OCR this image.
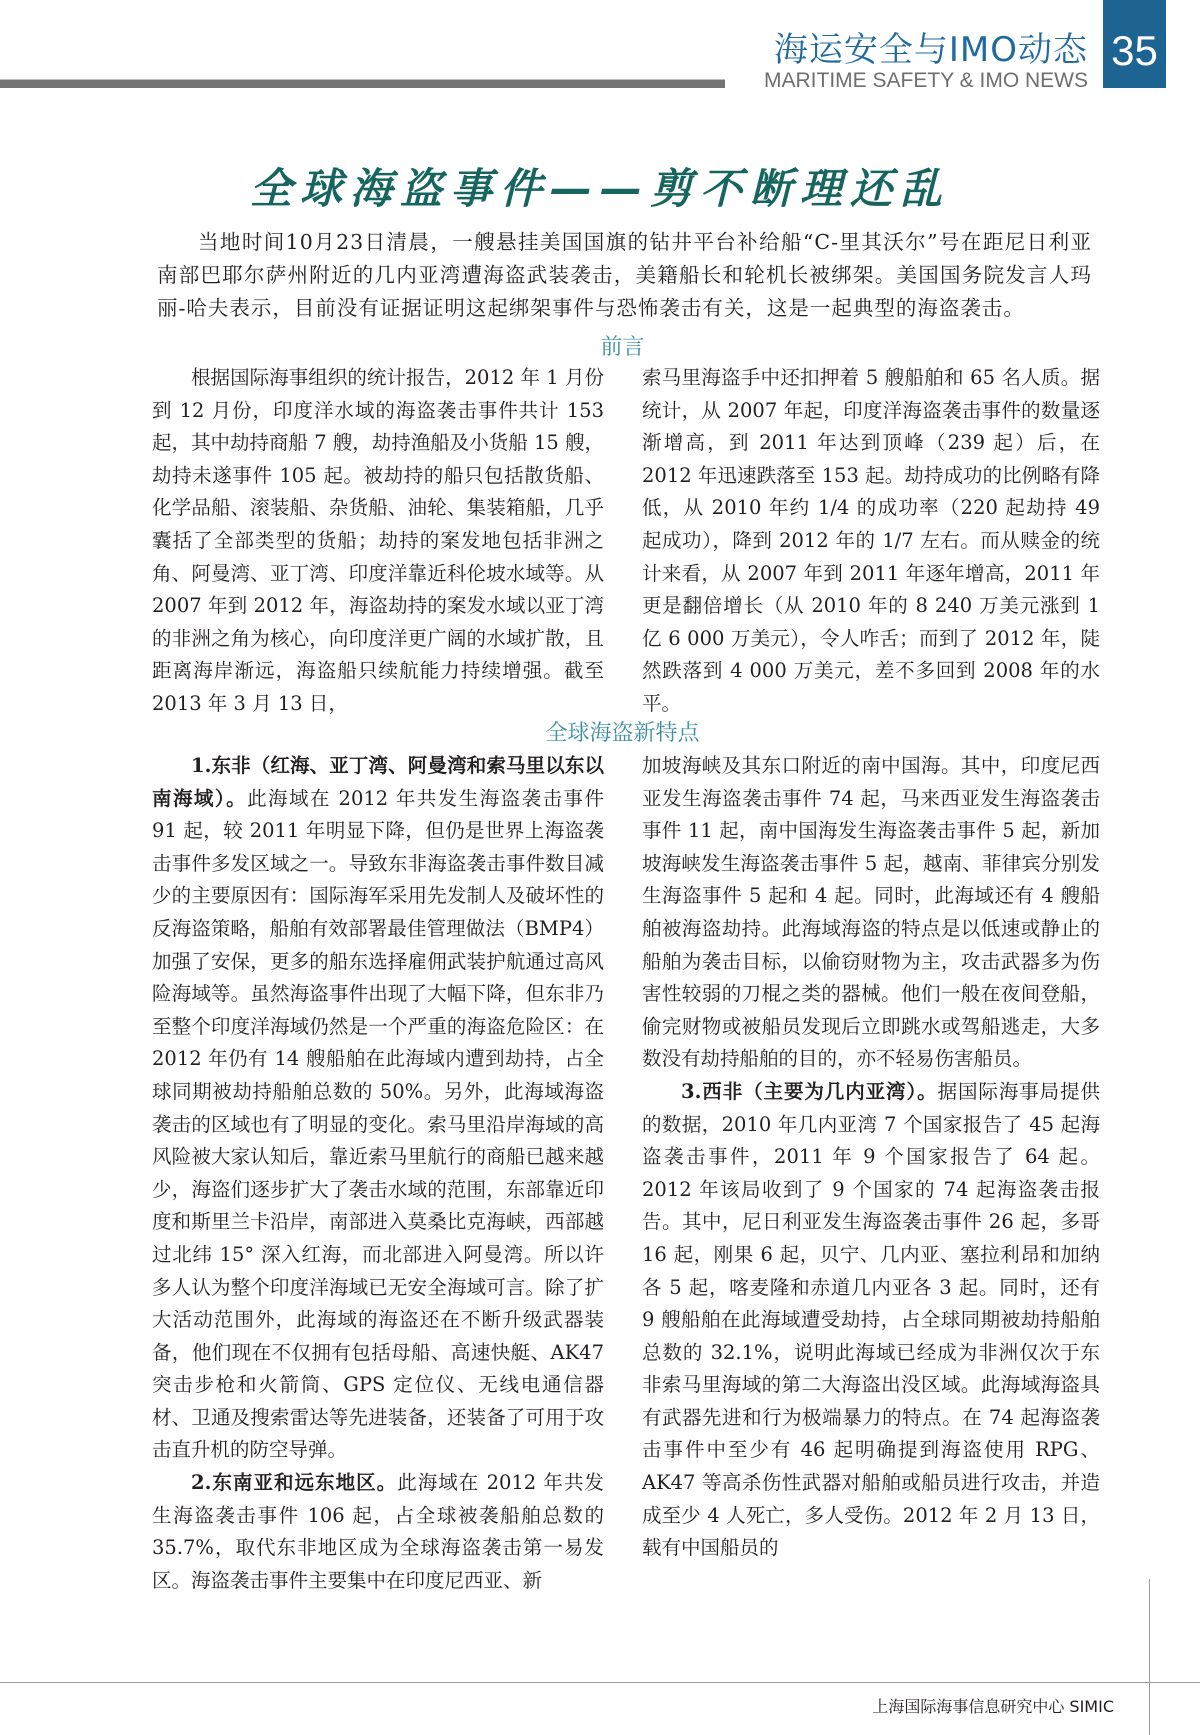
海运安全与IMO动态
MARITIME SAFETY & IMO NEWS
35
全球海盗事件——剪不断理还乱
当地时间10月23日清晨，一艘悬挂美国国旗的钻井平台补给船“C-里其沃尔”号在距尼日利亚南部巴耶尔萨州附近的几内亚湾遭海盗武装袭击，美籍船长和轮机长被绑架。美国国务院发言人玛丽-哈夫表示，目前没有证据证明这起绑架事件与恐怖袭击有关，这是一起典型的海盗袭击。
前言

根据国际海事组织的统计报告，2012 年 1 月份到 12 月份，印度洋水域的海盗袭击事件共计 153 起，其中劫持商船 7 艘，劫持渔船及小货船 15 艘，劫持未遂事件 105 起。被劫持的船只包括散货船、化学品船、滚装船、杂货船、油轮、集装箱船，几乎囊括了全部类型的货船；劫持的案发地包括非洲之角、阿曼湾、亚丁湾、印度洋靠近科伦坡水域等。从 2007 年到 2012 年，海盗劫持的案发水域以亚丁湾的非洲之角为核心，向印度洋更广阔的水域扩散，且距离海岸渐远，海盗船只续航能力持续增强。截至 2013 年 3 月 13 日，

索马里海盗手中还扣押着 5 艘船舶和 65 名人质。据统计，从 2007 年起，印度洋海盗袭击事件的数量逐渐增高，到 2011 年达到顶峰（239 起）后，在 2012 年迅速跌落至 153 起。劫持成功的比例略有降低，从 2010 年约 1/4 的成功率（220 起劫持 49 起成功），降到 2012 年的 1/7 左右。而从赎金的统计来看，从 2007 年到 2011 年逐年增高，2011 年更是翻倍增长（从 2010 年的 8 240 万美元涨到 1 亿 6 000 万美元），令人咋舌；而到了 2012 年，陡然跌落到 4 000 万美元，差不多回到 2008 年的水平。

全球海盗新特点

1.东非（红海、亚丁湾、阿曼湾和索马里以东以南海域）。此海域在 2012 年共发生海盗袭击事件 91 起，较 2011 年明显下降，但仍是世界上海盗袭击事件多发区域之一。导致东非海盗袭击事件数目减少的主要原因有：国际海军采用先发制人及破坏性的反海盗策略，船舶有效部署最佳管理做法（BMP4）加强了安保，更多的船东选择雇佣武装护航通过高风险海域等。虽然海盗事件出现了大幅下降，但东非乃至整个印度洋海域仍然是一个严重的海盗危险区：在 2012 年仍有 14 艘船舶在此海域内遭到劫持，占全球同期被劫持船舶总数的 50%。另外，此海域海盗袭击的区域也有了明显的变化。索马里沿岸海域的高风险被大家认知后，靠近索马里航行的商船已越来越少，海盗们逐步扩大了袭击水域的范围，东部靠近印度和斯里兰卡沿岸，南部进入莫桑比克海峡，西部越过北纬 15° 深入红海，而北部进入阿曼湾。所以许多人认为整个印度洋海域已无安全海域可言。除了扩大活动范围外，此海域的海盗还在不断升级武器装备，他们现在不仅拥有包括母船、高速快艇、AK47 突击步枪和火箭筒、GPS 定位仪、无线电通信器材、卫通及搜索雷达等先进装备，还装备了可用于攻击直升机的防空导弹。

2.东南亚和远东地区。此海域在 2012 年共发生海盗袭击事件 106 起，占全球被袭船舶总数的 35.7%，取代东非地区成为全球海盗袭击第一易发区。海盗袭击事件主要集中在印度尼西亚、新

加坡海峡及其东口附近的南中国海。其中，印度尼西亚发生海盗袭击事件 74 起，马来西亚发生海盗袭击事件 11 起，南中国海发生海盗袭击事件 5 起，新加坡海峡发生海盗袭击事件 5 起，越南、菲律宾分别发生海盗事件 5 起和 4 起。同时，此海域还有 4 艘船舶被海盗劫持。此海域海盗的特点是以低速或静止的船舶为袭击目标，以偷窃财物为主，攻击武器多为伤害性较弱的刀棍之类的器械。他们一般在夜间登船，偷完财物或被船员发现后立即跳水或驾船逃走，大多数没有劫持船舶的目的，亦不轻易伤害船员。

3.西非（主要为几内亚湾）。据国际海事局提供的数据，2010 年几内亚湾 7 个国家报告了 45 起海盗袭击事件，2011 年 9 个国家报告了 64 起。2012 年该局收到了 9 个国家的 74 起海盗袭击报告。其中，尼日利亚发生海盗袭击事件 26 起，多哥 16 起，刚果 6 起，贝宁、几内亚、塞拉利昂和加纳各 5 起，喀麦隆和赤道几内亚各 3 起。同时，还有 9 艘船舶在此海域遭受劫持，占全球同期被劫持船舶总数的 32.1%，说明此海域已经成为非洲仅次于东非索马里海域的第二大海盗出没区域。此海域海盗具有武器先进和行为极端暴力的特点。在 74 起海盗袭击事件中至少有 46 起明确提到海盗使用 RPG、AK47 等高杀伤性武器对船舶或船员进行攻击，并造成至少 4 人死亡，多人受伤。2012 年 2 月 13 日，载有中国船员的

上海国际海事信息研究中心 SIMIC
